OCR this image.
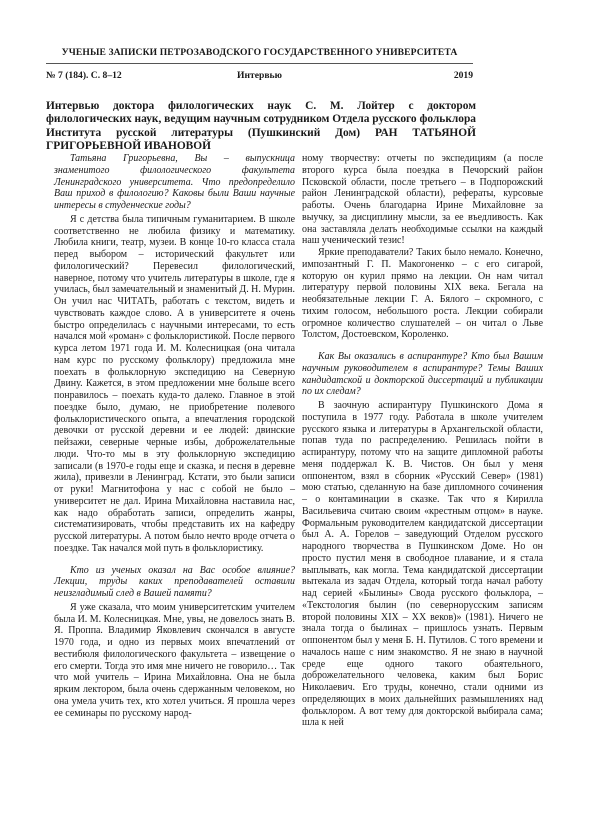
УЧЕНЫЕ ЗАПИСКИ ПЕТРОЗАВОДСКОГО ГОСУДАРСТВЕННОГО УНИВЕРСИТЕТА
Интервью
№ 7 (184). С. 8–12	2019
Интервью доктора филологических наук С. М. Лойтер с доктором филологических наук, ведущим научным сотрудником Отдела русского фольклора Института русской литературы (Пушкинский Дом) РАН ТАТЬЯНОЙ ГРИГОРЬЕВНОЙ ИВАНОВОЙ

Татьяна Григорьевна, Вы – выпускница знаменитого филологического факультета Ленинградского университета. Что предопределило Ваш приход в филологию? Каковы были Ваши научные интересы в студенческие годы?

Я с детства была типичным гуманитарием. В школе соответственно не любила физику и математику. Любила книги, театр, музеи. В конце 10-го класса стала перед выбором – исторический факультет или филологический? Перевесил филологический, наверное, потому что учитель литературы в школе, где я училась, был замечательный и знаменитый Д. Н. Мурин. Он учил нас ЧИТАТЬ, работать с текстом, видеть и чувствовать каждое слово. А в университете я очень быстро определилась с научными интересами, то есть начался мой «роман» с фольклористикой. После первого курса летом 1971 года И. М. Колесницкая (она читала нам курс по русскому фольклору) предложила мне поехать в фольклорную экспедицию на Северную Двину. Кажется, в этом предложении мне больше всего понравилось – поехать куда-то далеко. Главное в этой поездке было, думаю, не приобретение полевого фольклористического опыта, а впечатления городской девочки от русской деревни и ее людей: двинские пейзажи, северные черные избы, доброжелательные люди. Что-то мы в эту фольклорную экспедицию записали (в 1970-е годы еще и сказка, и песня в деревне жила), привезли в Ленинград. Кстати, это были записи от руки! Магнитофона у нас с собой не было – университет не дал. Ирина Михайловна наставила нас, как надо обработать записи, определить жанры, систематизировать, чтобы представить их на кафедру русской литературы. А потом было нечто вроде отчета о поездке. Так начался мой путь в фольклористику.

Кто из ученых оказал на Вас особое влияние? Лекции, труды каких преподавателей оставили неизгладимый след в Вашей памяти?

Я уже сказала, что моим университетским учителем была И. М. Колесницкая. Мне, увы, не довелось знать В. Я. Проппа. Владимир Яковлевич скончался в августе 1970 года, и одно из первых моих впечатлений от вестибюля филологического факультета – извещение о его смерти. Тогда это имя мне ничего не говорило… Так что мой учитель – Ирина Михайловна. Она не была ярким лектором, была очень сдержанным человеком, но она умела учить тех, кто хотел учиться. Я прошла через ее семинары по русскому народ-

ному творчеству: отчеты по экспедициям (а после второго курса была поездка в Печорский район Псковской области, после третьего – в Подпорожский район Ленинградской области), рефераты, курсовые работы. Очень благодарна Ирине Михайловне за выучку, за дисциплину мысли, за ее въедливость. Как она заставляла делать необходимые ссылки на каждый наш ученический тезис!

Яркие преподаватели? Таких было немало. Конечно, импозантный Г. П. Макогоненко – с его сигарой, которую он курил прямо на лекции. Он нам читал литературу первой половины XIX века. Бегала на необязательные лекции Г. А. Бялого – скромного, с тихим голосом, небольшого роста. Лекции собирали огромное количество слушателей – он читал о Льве Толстом, Достоевском, Короленко.

Как Вы оказались в аспирантуре? Кто был Вашим научным руководителем в аспирантуре? Темы Ваших кандидатской и докторской диссертаций и публикации по их следам?

В заочную аспирантуру Пушкинского Дома я поступила в 1977 году. Работала в школе учителем русского языка и литературы в Архангельской области, попав туда по распределению. Решилась пойти в аспирантуру, потому что на защите дипломной работы меня поддержал К. В. Чистов. Он был у меня оппонентом, взял в сборник «Русский Север» (1981) мою статью, сделанную на базе дипломного сочинения – о контаминации в сказке. Так что я Кирилла Васильевича считаю своим «крестным отцом» в науке. Формальным руководителем кандидатской диссертации был А. А. Горелов – заведующий Отделом русского народного творчества в Пушкинском Доме. Но он просто пустил меня в свободное плавание, и я стала выплывать, как могла. Тема кандидатской диссертации вытекала из задач Отдела, который тогда начал работу над серией «Былины» Свода русского фольклора, – «Текстология былин (по севернорусским записям второй половины XIX – XX веков)» (1981). Ничего не знала тогда о былинах – пришлось узнать. Первым оппонентом был у меня Б. Н. Путилов. С того времени и началось наше с ним знакомство. Я не знаю в научной среде еще одного такого обаятельного, доброжелательного человека, каким был Борис Николаевич. Его труды, конечно, стали одними из определяющих в моих дальнейших размышлениях над фольклором. А вот тему для докторской выбирала сама; шла к ней
